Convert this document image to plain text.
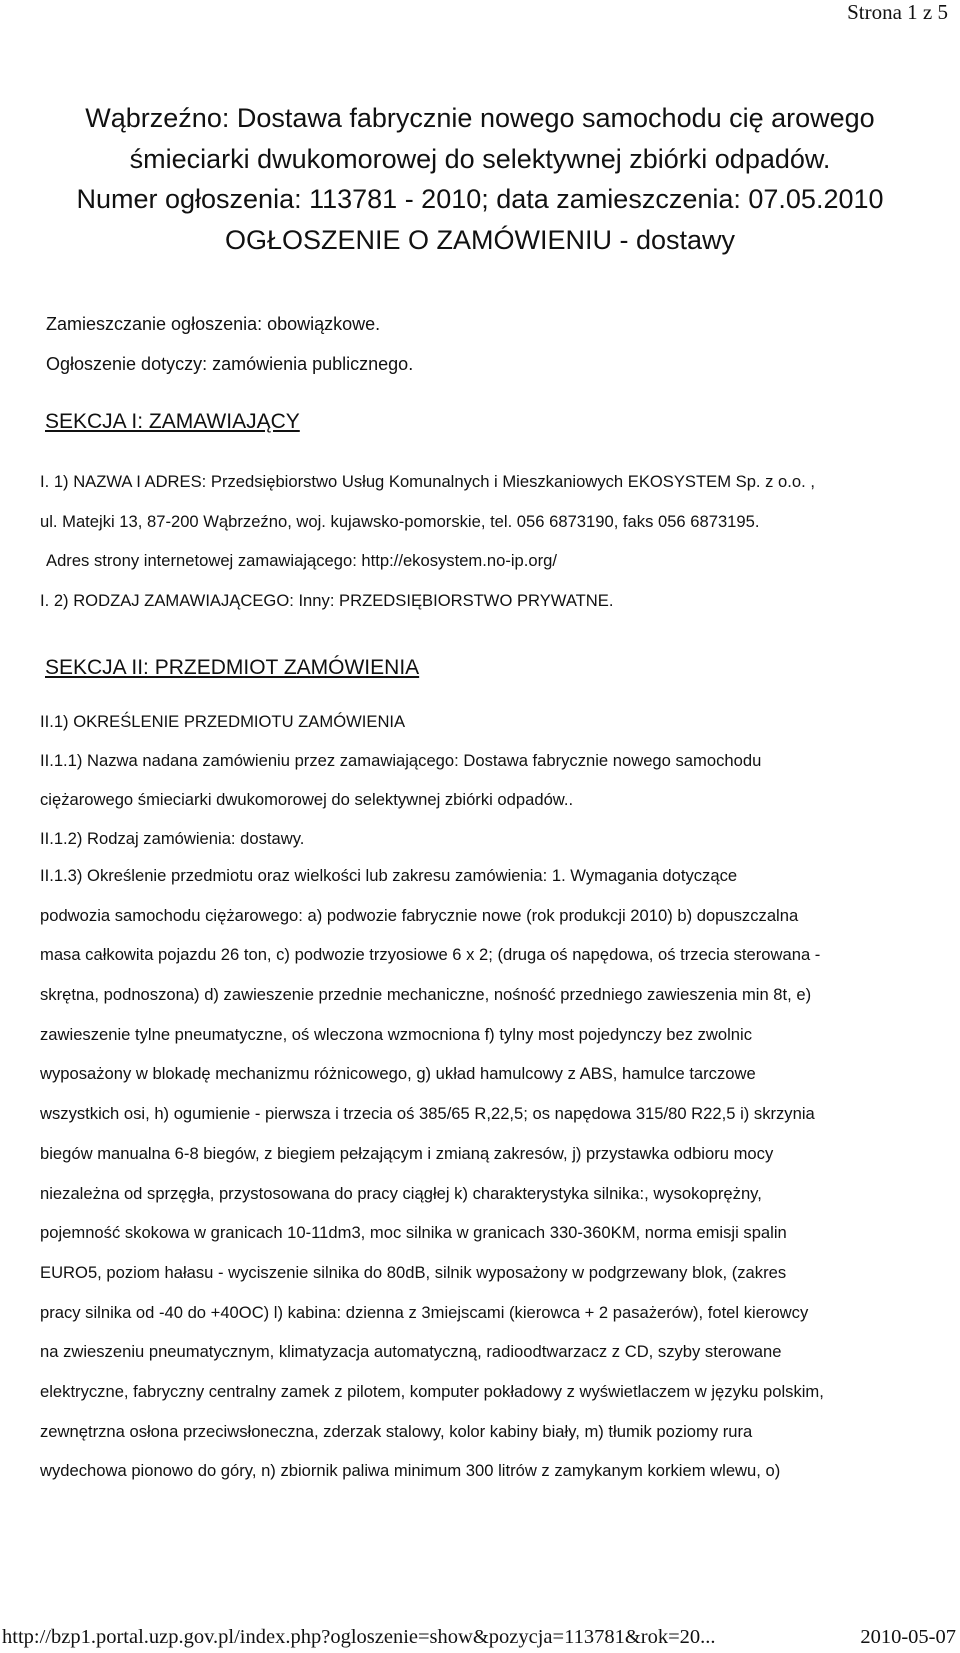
Strona 1 z 5
Wąbrzeźno: Dostawa fabrycznie nowego samochodu cię arowego
śmieciarki dwukomorowej do selektywnej zbiórki odpadów.
Numer ogłoszenia: 113781 - 2010; data zamieszczenia: 07.05.2010
OGŁOSZENIE O ZAMÓWIENIU - dostawy
Zamieszczanie ogłoszenia: obowiązkowe.
Ogłoszenie dotyczy: zamówienia publicznego.
SEKCJA I: ZAMAWIAJĄCY
I. 1) NAZWA I ADRES: Przedsiębiorstwo Usług Komunalnych i Mieszkaniowych EKOSYSTEM Sp. z o.o. ,
ul. Matejki 13, 87-200 Wąbrzeźno, woj. kujawsko-pomorskie, tel. 056 6873190, faks 056 6873195.
Adres strony internetowej zamawiającego: http://ekosystem.no-ip.org/
I. 2) RODZAJ ZAMAWIAJĄCEGO: Inny: PRZEDSIĘBIORSTWO PRYWATNE.
SEKCJA II: PRZEDMIOT ZAMÓWIENIA
II.1) OKREŚLENIE PRZEDMIOTU ZAMÓWIENIA
II.1.1) Nazwa nadana zamówieniu przez zamawiającego: Dostawa fabrycznie nowego samochodu
ciężarowego śmieciarki dwukomorowej do selektywnej zbiórki odpadów..
II.1.2) Rodzaj zamówienia: dostawy.
II.1.3) Określenie przedmiotu oraz wielkości lub zakresu zamówienia: 1. Wymagania dotyczące
podwozia samochodu ciężarowego: a) podwozie fabrycznie nowe (rok produkcji 2010) b) dopuszczalna
masa całkowita pojazdu 26 ton, c) podwozie trzyosiowe 6 x 2; (druga oś napędowa, oś trzecia sterowana -
skrętna, podnoszona) d) zawieszenie przednie mechaniczne, nośność przedniego zawieszenia min 8t, e)
zawieszenie tylne pneumatyczne, oś wleczona wzmocniona f) tylny most pojedynczy bez zwolnic
wyposażony w blokadę mechanizmu różnicowego, g) układ hamulcowy z ABS, hamulce tarczowe
wszystkich osi, h) ogumienie - pierwsza i trzecia oś 385/65 R,22,5; os napędowa 315/80 R22,5 i) skrzynia
biegów manualna 6-8 biegów, z biegiem pełzającym i zmianą zakresów, j) przystawka odbioru mocy
niezależna od sprzęgła, przystosowana do pracy ciągłej k) charakterystyka silnika:, wysokoprężny,
pojemność skokowa w granicach 10-11dm3, moc silnika w granicach 330-360KM, norma emisji spalin
EURO5, poziom hałasu - wyciszenie silnika do 80dB, silnik wyposażony w podgrzewany blok, (zakres
pracy silnika od -40 do +40OC) l) kabina: dzienna z 3miejscami (kierowca + 2 pasażerów), fotel kierowcy
na zwieszeniu pneumatycznym, klimatyzacja automatyczną, radioodtwarzacz z CD, szyby sterowane
elektryczne, fabryczny centralny zamek z pilotem, komputer pokładowy z wyświetlaczem w języku polskim,
zewnętrzna osłona przeciwsłoneczna, zderzak stalowy, kolor kabiny biały, m) tłumik poziomy rura
wydechowa pionowo do góry, n) zbiornik paliwa minimum 300 litrów z zamykanym korkiem wlewu, o)
http://bzp1.portal.uzp.gov.pl/index.php?ogloszenie=show&pozycja=113781&rok=20...	2010-05-07
